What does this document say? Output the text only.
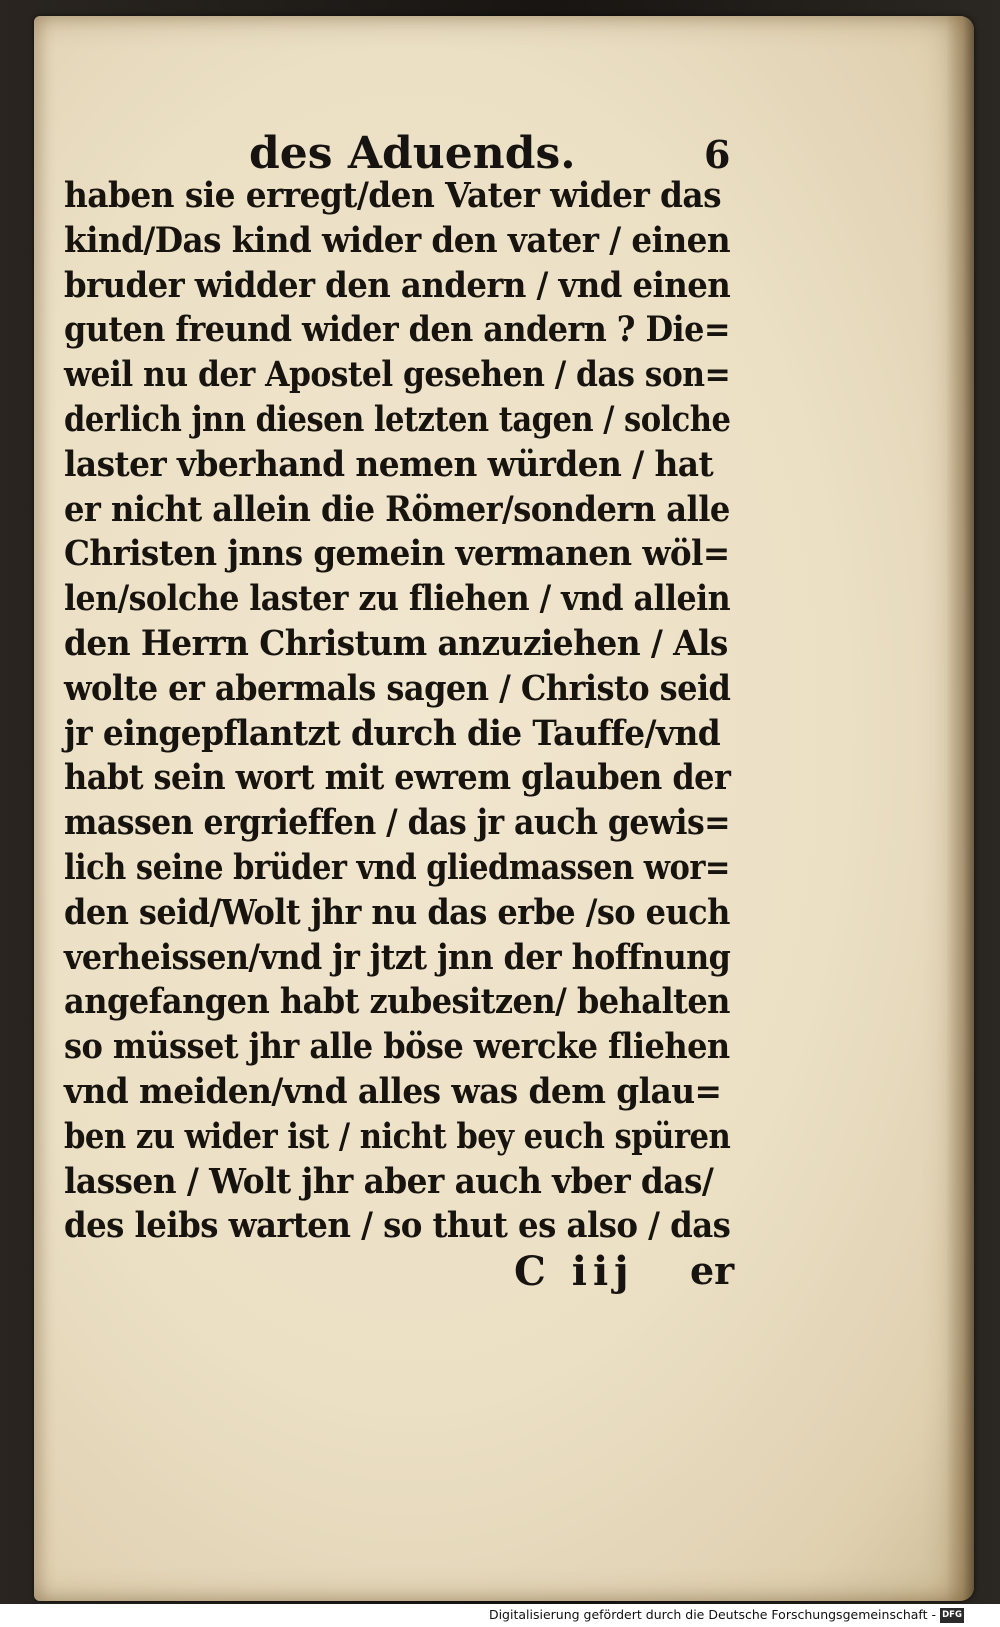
des Aduends.	6
haben sie erregt/den Vater wider das
kind/Das kind wider den vater / einen
bruder widder den andern / vnd einen
guten freund wider den andern ? Die=
weil nu der Apostel gesehen / das son=
derlich jnn diesen letzten tagen / solche
laster vberhand nemen würden / hat
er nicht allein die Römer/sondern alle
Christen jnns gemein vermanen wöl=
len/solche laster zu fliehen / vnd allein
den Herrn Christum anzuziehen / Als
wolte er abermals sagen / Christo seid
jr eingepflantzt durch die Tauffe/vnd
habt sein wort mit ewrem glauben der
massen ergrieffen / das jr auch gewis=
lich seine brüder vnd gliedmassen wor=
den seid/Wolt jhr nu das erbe /so euch
verheissen/vnd jr jtzt jnn der hoffnung
angefangen habt zubesitzen/ behalten
so müsset jhr alle böse wercke fliehen
vnd meiden/vnd alles was dem glau=
ben zu wider ist / nicht bey euch spüren
lassen / Wolt jhr aber auch vber das/
des leibs warten / so thut es also / das
C iij er
Digitalisierung gefördert durch die Deutsche Forschungsgemeinschaft - DFG
